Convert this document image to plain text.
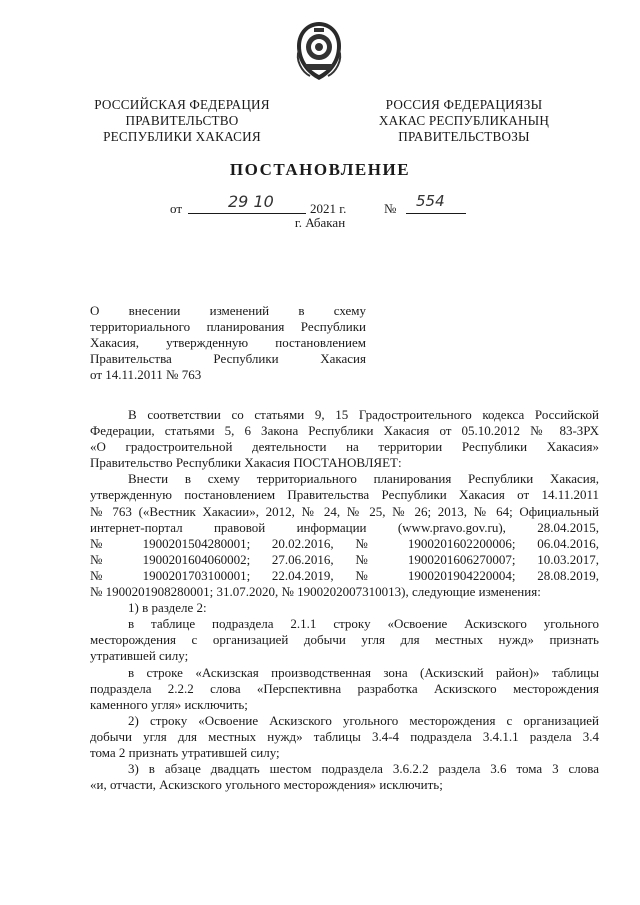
РОССИЙСКАЯ ФЕДЕРАЦИЯ
ПРАВИТЕЛЬСТВО
РЕСПУБЛИКИ ХАКАСИЯ
РОССИЯ ФЕДЕРАЦИЯЗЫ
ХАКАС РЕСПУБЛИКАНЫҢ
ПРАВИТЕЛЬСТВОЗЫ
ПОСТАНОВЛЕНИЕ
от	29 10	2021 г.	№ 554
г. Абакан
О внесении изменений в схему
территориального планирования Республики
Хакасия, утвержденную постановлением
Правительства Республики Хакасия
от 14.11.2011 № 763
В соответствии со статьями 9, 15 Градостроительного кодекса Российской
Федерации, статьями 5, 6 Закона Республики Хакасия от 05.10.2012 № 83-ЗРХ
«О градостроительной деятельности на территории Республики Хакасия»
Правительство Республики Хакасия ПОСТАНОВЛЯЕТ:
Внести в схему территориального планирования Республики Хакасия,
утвержденную постановлением Правительства Республики Хакасия от 14.11.2011
№ 763 («Вестник Хакасии», 2012, № 24, № 25, № 26; 2013, № 64; Официальный
интернет-портал правовой информации (www.pravo.gov.ru), 28.04.2015,
№ 1900201504280001; 20.02.2016, № 1900201602200006; 06.04.2016,
№ 1900201604060002; 27.06.2016, № 1900201606270007; 10.03.2017,
№ 1900201703100001; 22.04.2019, № 1900201904220004; 28.08.2019,
№ 1900201908280001; 31.07.2020, № 1900202007310013), следующие изменения:
1) в разделе 2:
в таблице подраздела 2.1.1 строку «Освоение Аскизского угольного
месторождения с организацией добычи угля для местных нужд» признать
утратившей силу;
в строке «Аскизская производственная зона (Аскизский район)» таблицы
подраздела 2.2.2 слова «Перспективна разработка Аскизского месторождения
каменного угля» исключить;
2) строку «Освоение Аскизского угольного месторождения с организацией
добычи угля для местных нужд» таблицы 3.4-4 подраздела 3.4.1.1 раздела 3.4
тома 2 признать утратившей силу;
3) в абзаце двадцать шестом подраздела 3.6.2.2 раздела 3.6 тома 3 слова
«и, отчасти, Аскизского угольного месторождения» исключить;
